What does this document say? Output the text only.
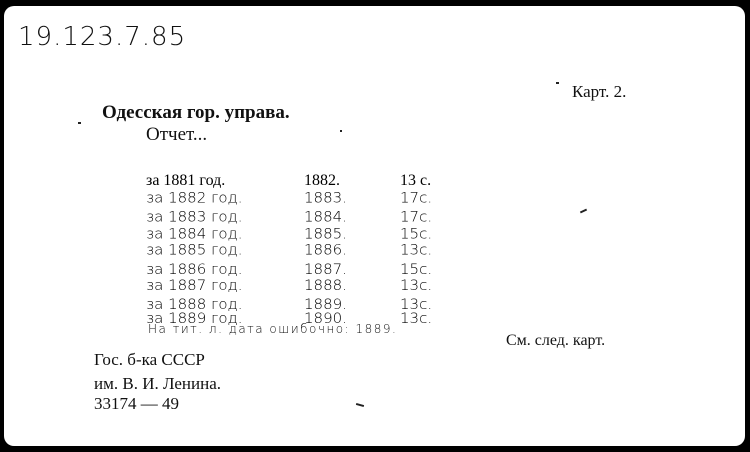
19.123.7.85
Карт. 2.
Одесская гор. управа.
Отчет...
за 1881 год.	1882.	13 с.
за 1882 год.	1883.	17с.
за 1883 год.	1884.	17с.
за 1884 год.	1885.	15с.
за 1885 год.	1886.	13с.
за 1886 год.	1887.	15с.
за 1887 год.	1888.	13с.
за 1888 год.	1889.	13с.
за 1889 год.	1890.	13с.
На тит. л. дата ошибочно: 1889.
См. след. карт.
Гос. б-ка СССР
им. В. И. Ленина.
33174 — 49
